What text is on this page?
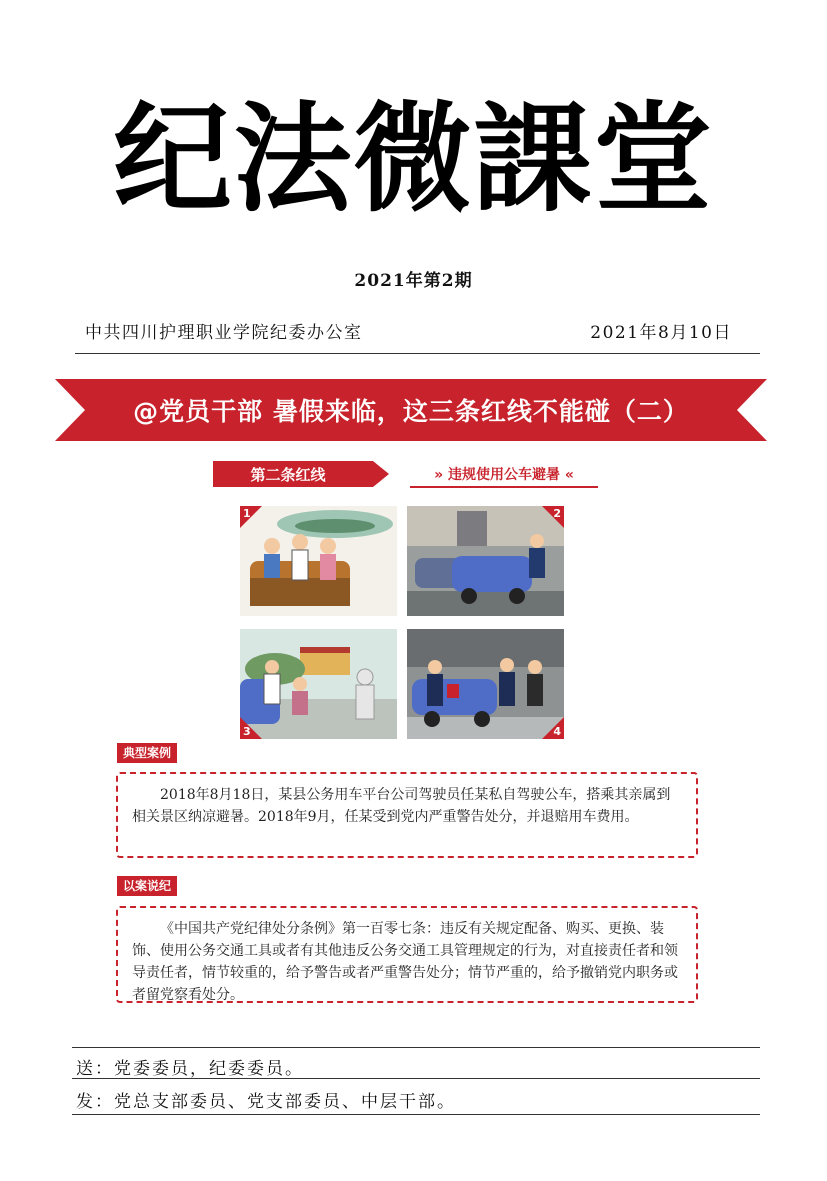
纪法微課堂
2021年第2期
中共四川护理职业学院纪委办公室	2021年8月10日
@党员干部 暑假来临，这三条红线不能碰（二）
第二条红线	» 违规使用公车避暑 «
1	2
3	4
典型案例
2018年8月18日，某县公务用车平台公司驾驶员任某私自驾驶公车，搭乘其亲属到相关景区纳凉避暑。2018年9月，任某受到党内严重警告处分，并退赔用车费用。
以案说纪
《中国共产党纪律处分条例》第一百零七条：违反有关规定配备、购买、更换、装饰、使用公务交通工具或者有其他违反公务交通工具管理规定的行为，对直接责任者和领导责任者，情节较重的，给予警告或者严重警告处分；情节严重的，给予撤销党内职务或者留党察看处分。
送：党委委员，纪委委员。
发：党总支部委员、党支部委员、中层干部。
